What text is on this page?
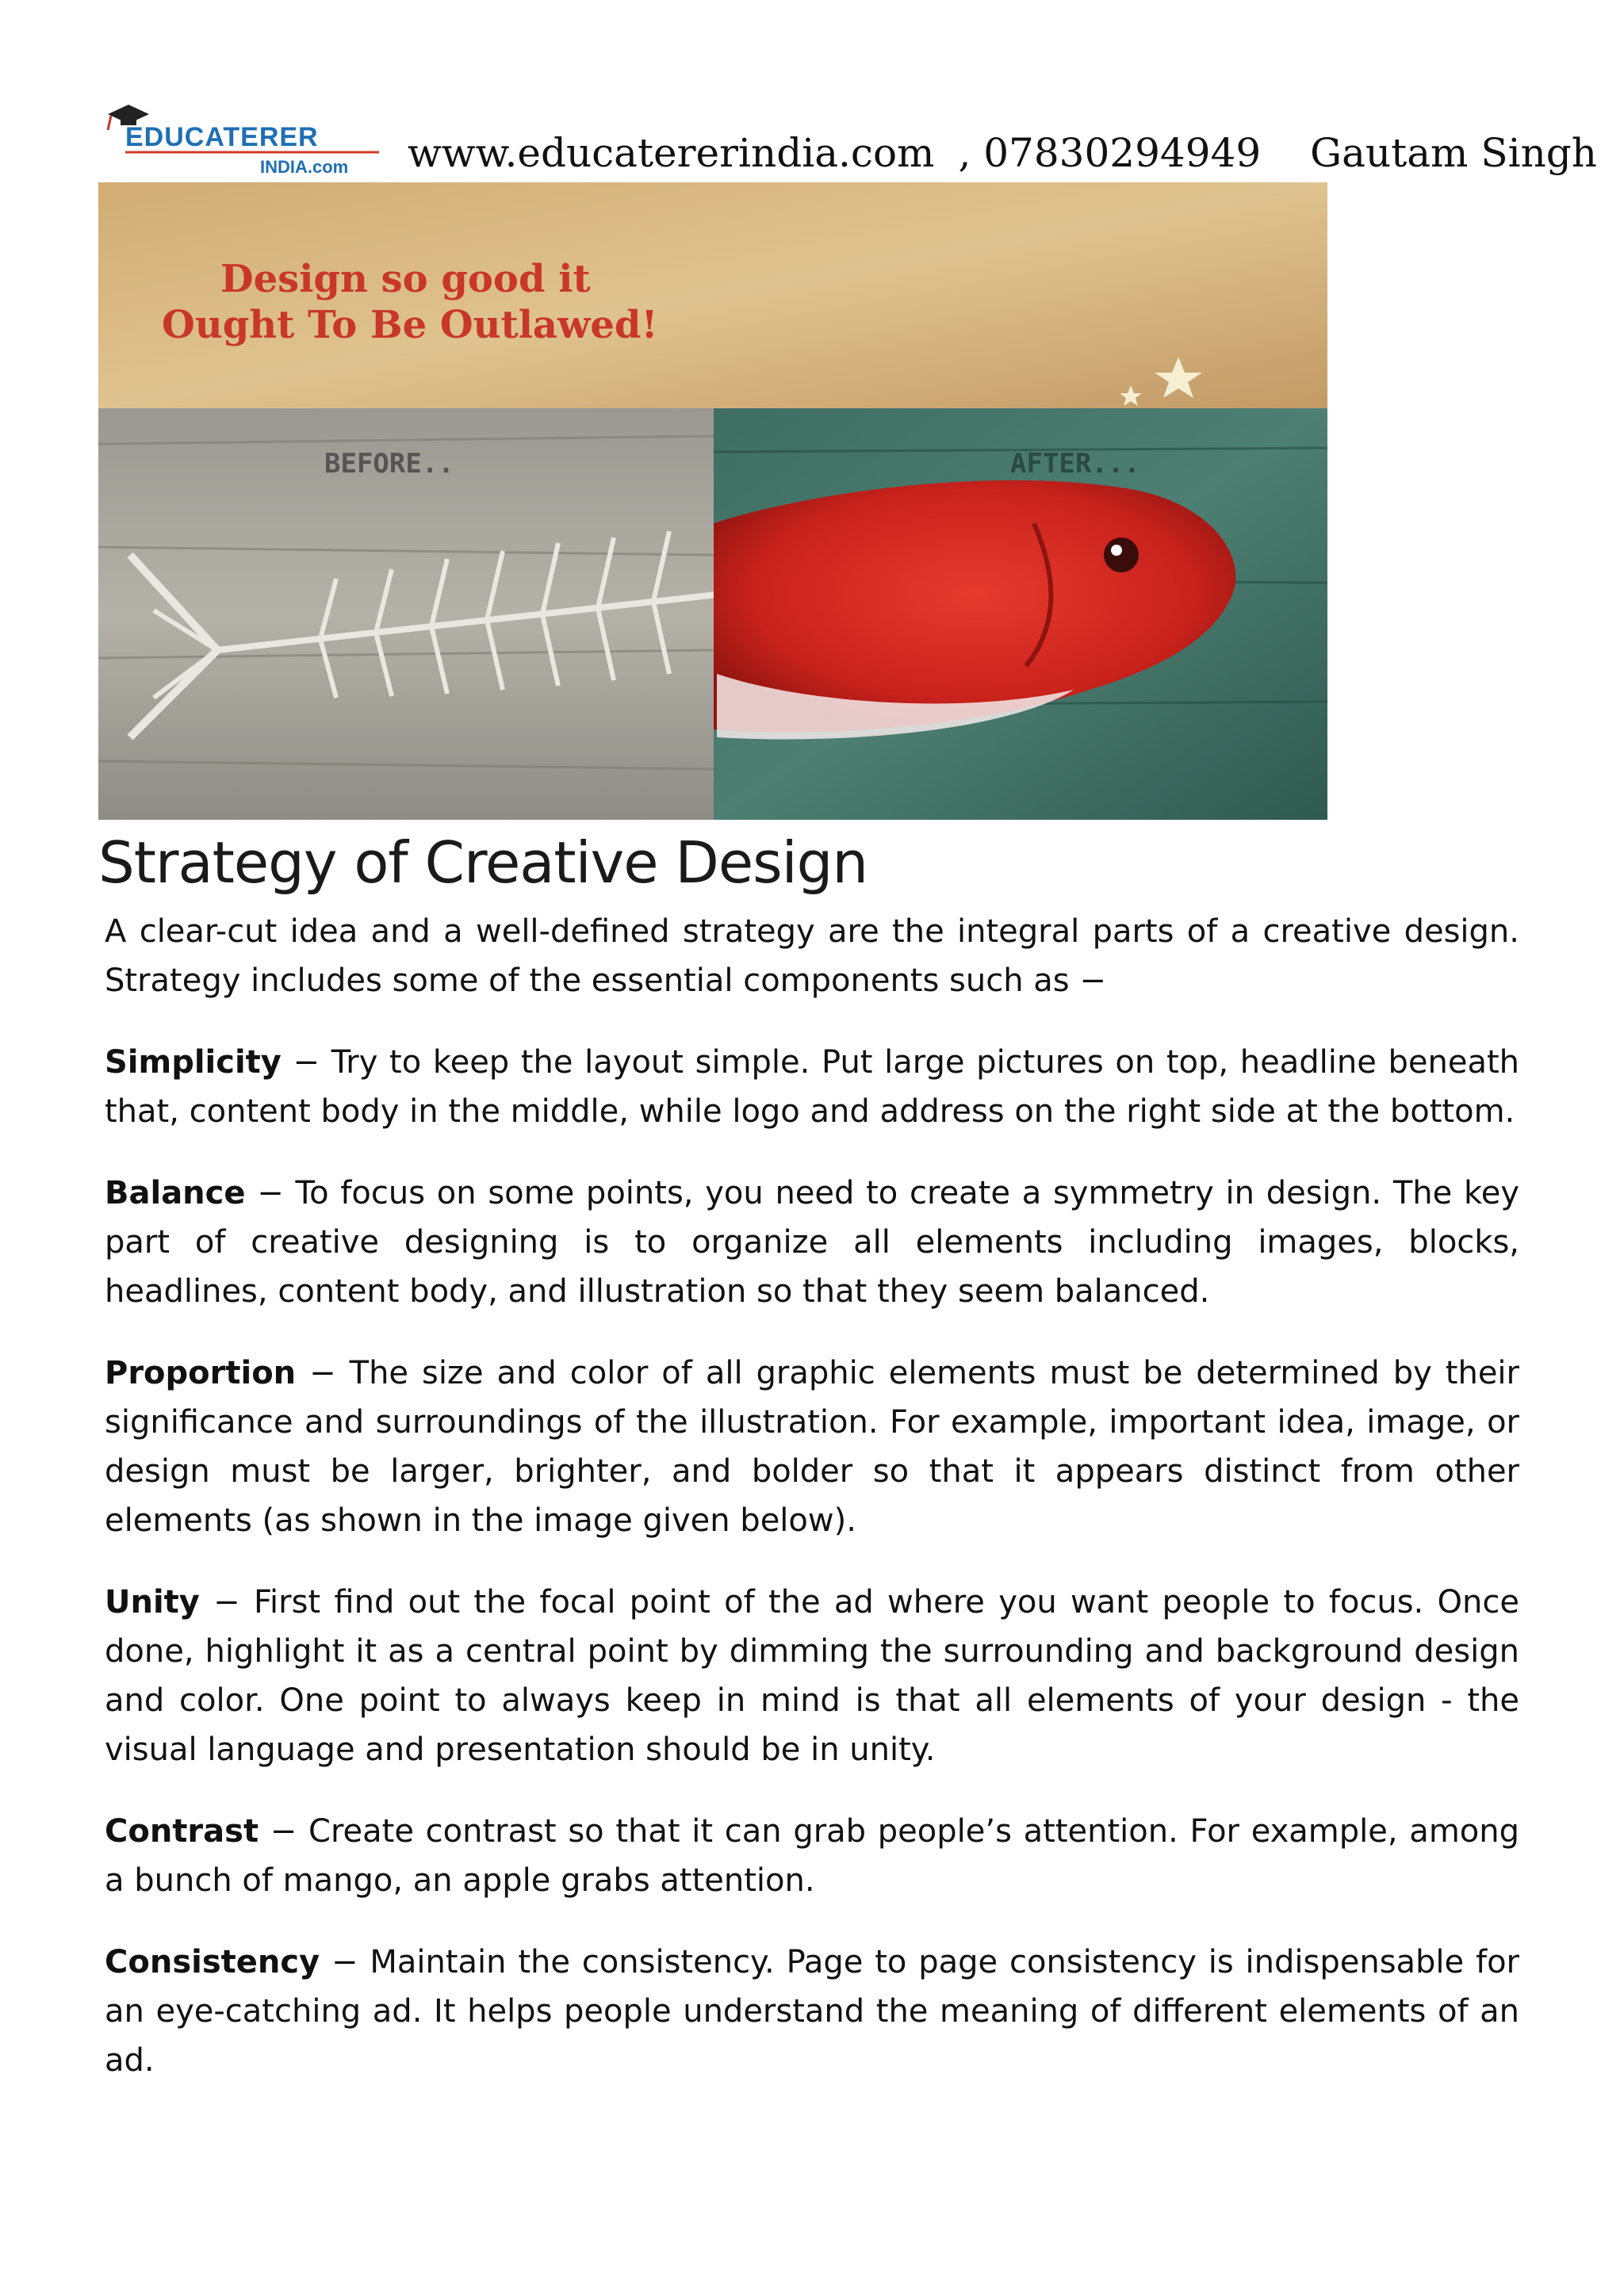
EDUCATERER
INDIA.com www.educatererindia.com , 07830294949 Gautam Singh
Design so good it
Ought To Be Outlawed!
BEFORE..	AFTER...
Strategy of Creative Design

A clear-cut idea and a well-defined strategy are the integral parts of a creative design. Strategy includes some of the essential components such as −

Simplicity − Try to keep the layout simple. Put large pictures on top, headline beneath that, content body in the middle, while logo and address on the right side at the bottom.

Balance − To focus on some points, you need to create a symmetry in design. The key part of creative designing is to organize all elements including images, blocks, headlines, content body, and illustration so that they seem balanced.

Proportion − The size and color of all graphic elements must be determined by their significance and surroundings of the illustration. For example, important idea, image, or design must be larger, brighter, and bolder so that it appears distinct from other elements (as shown in the image given below).

Unity − First find out the focal point of the ad where you want people to focus. Once done, highlight it as a central point by dimming the surrounding and background design and color. One point to always keep in mind is that all elements of your design - the visual language and presentation should be in unity.

Contrast − Create contrast so that it can grab people’s attention. For example, among a bunch of mango, an apple grabs attention.

Consistency − Maintain the consistency. Page to page consistency is indispensable for an eye-catching ad. It helps people understand the meaning of different elements of an ad.
